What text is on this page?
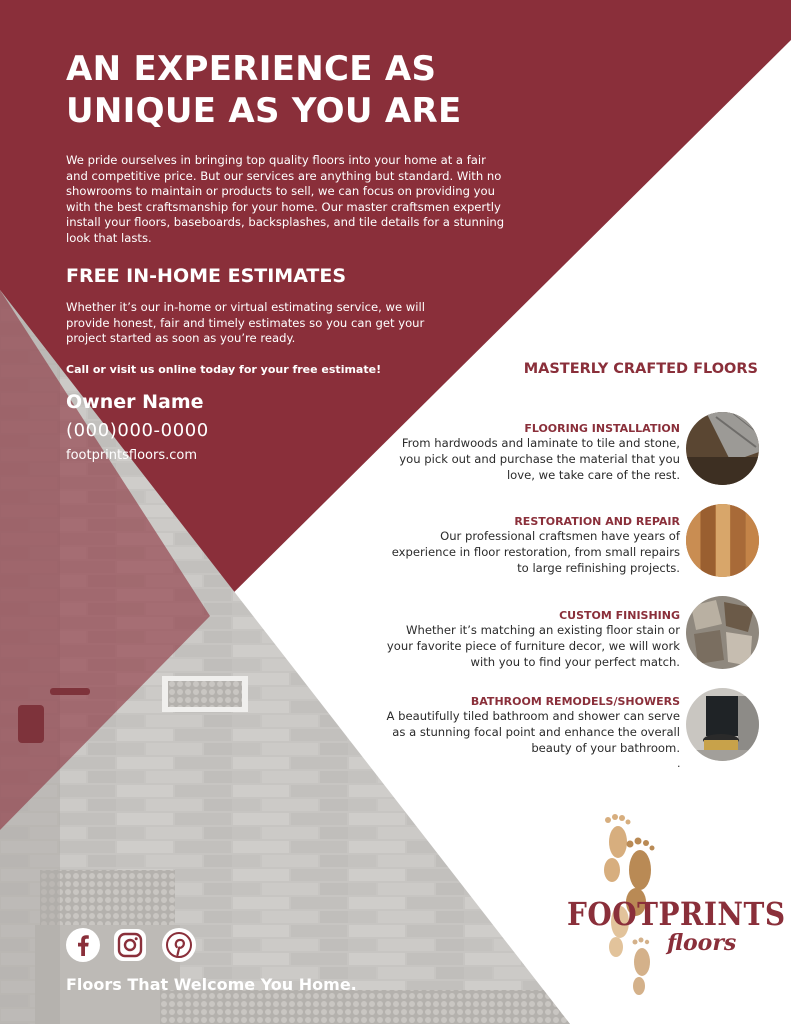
AN EXPERIENCE AS
UNIQUE AS YOU ARE
We pride ourselves in bringing top quality floors into your home at a fair and competitive price. But our services are anything but standard. With no showrooms to maintain or products to sell, we can focus on providing you with the best craftsmanship for your home. Our master craftsmen expertly install your floors, baseboards, backsplashes, and tile details for a stunning look that lasts.
FREE IN-HOME ESTIMATES
Whether it’s our in-home or virtual estimating service, we will provide honest, fair and timely estimates so you can get your project started as soon as you’re ready.
Call or visit us online today for your free estimate!
Owner Name
(000)000-0000
footprintsfloors.com
MASTERLY CRAFTED FLOORS
FLOORING INSTALLATION
From hardwoods and laminate to tile and stone, you pick out and purchase the material that you love, we take care of the rest.
RESTORATION AND REPAIR
Our professional craftsmen have years of experience in floor restoration, from small repairs to large refinishing projects.
CUSTOM FINISHING
Whether it’s matching an existing floor stain or your favorite piece of furniture decor, we will work with you to find your perfect match.
BATHROOM REMODELS/SHOWERS
A beautifully tiled bathroom and shower can serve as a stunning focal point and enhance the overall beauty of your bathroom.
.
Floors That Welcome You Home.
FOOTPRINTS
floors
